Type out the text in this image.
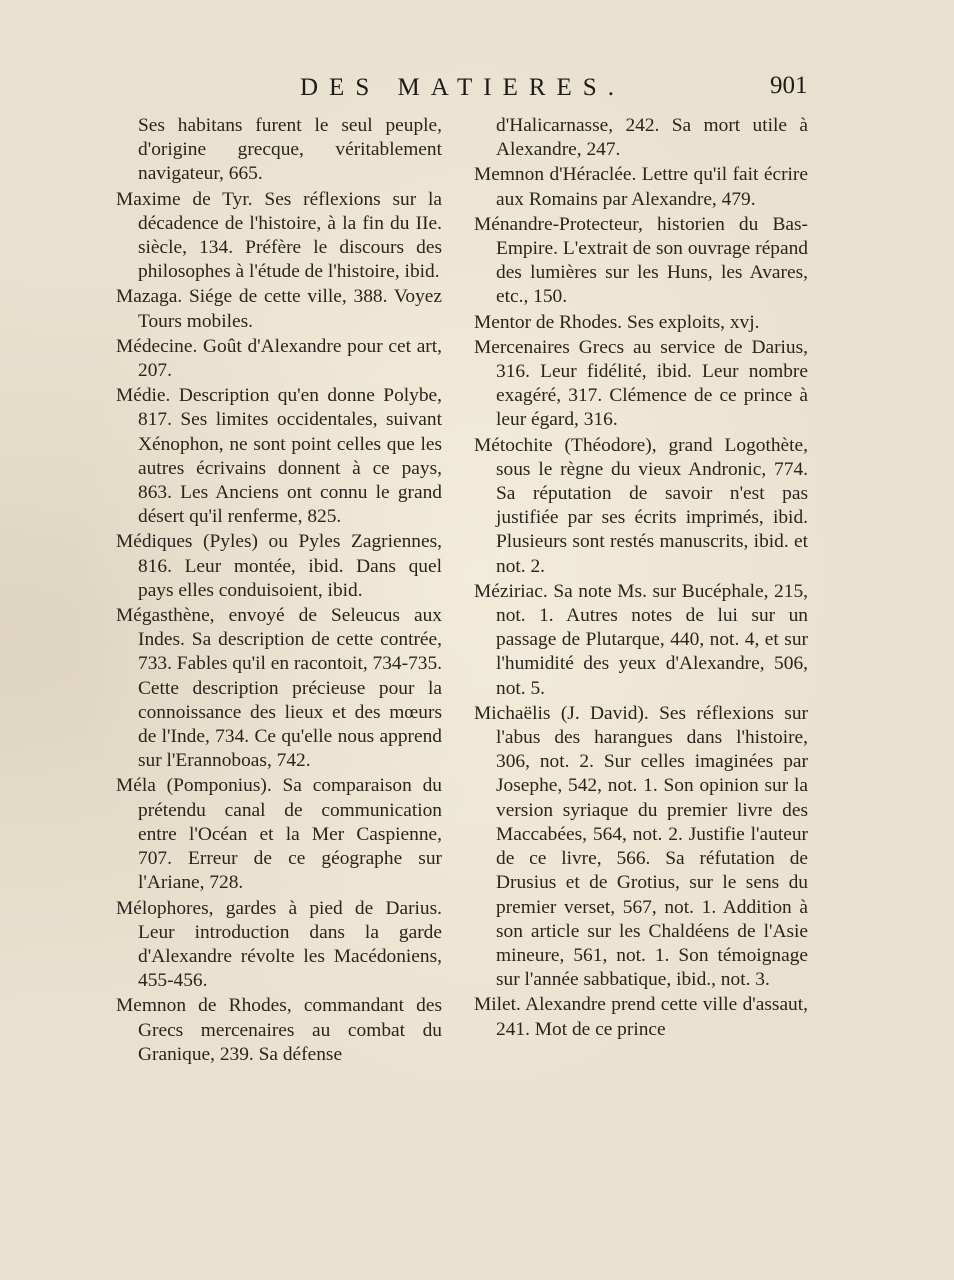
DES MATIERES.	901

Ses habitans furent le seul peuple, d'origine grecque, véritablement navigateur, 665.

Maxime de Tyr. Ses réflexions sur la décadence de l'histoire, à la fin du IIe. siècle, 134. Préfère le discours des philosophes à l'étude de l'histoire, ibid.

Mazaga. Siége de cette ville, 388. Voyez Tours mobiles.

Médecine. Goût d'Alexandre pour cet art, 207.

Médie. Description qu'en donne Polybe, 817. Ses limites occidentales, suivant Xénophon, ne sont point celles que les autres écrivains donnent à ce pays, 863. Les Anciens ont connu le grand désert qu'il renferme, 825.

Médiques (Pyles) ou Pyles Zagriennes, 816. Leur montée, ibid. Dans quel pays elles conduisoient, ibid.

Mégasthène, envoyé de Seleucus aux Indes. Sa description de cette contrée, 733. Fables qu'il en racontoit, 734-735. Cette description précieuse pour la connoissance des lieux et des mœurs de l'Inde, 734. Ce qu'elle nous apprend sur l'Erannoboas, 742.

Méla (Pomponius). Sa comparaison du prétendu canal de communication entre l'Océan et la Mer Caspienne, 707. Erreur de ce géographe sur l'Ariane, 728.

Mélophores, gardes à pied de Darius. Leur introduction dans la garde d'Alexandre révolte les Macédoniens, 455-456.

Memnon de Rhodes, commandant des Grecs mercenaires au combat du Granique, 239. Sa défense

d'Halicarnasse, 242. Sa mort utile à Alexandre, 247.

Memnon d'Héraclée. Lettre qu'il fait écrire aux Romains par Alexandre, 479.

Ménandre-Protecteur, historien du Bas-Empire. L'extrait de son ouvrage répand des lumières sur les Huns, les Avares, etc., 150.

Mentor de Rhodes. Ses exploits, xvj.

Mercenaires Grecs au service de Darius, 316. Leur fidélité, ibid. Leur nombre exagéré, 317. Clémence de ce prince à leur égard, 316.

Métochite (Théodore), grand Logothète, sous le règne du vieux Andronic, 774. Sa réputation de savoir n'est pas justifiée par ses écrits imprimés, ibid. Plusieurs sont restés manuscrits, ibid. et not. 2.

Méziriac. Sa note Ms. sur Bucéphale, 215, not. 1. Autres notes de lui sur un passage de Plutarque, 440, not. 4, et sur l'humidité des yeux d'Alexandre, 506, not. 5.

Michaëlis (J. David). Ses réflexions sur l'abus des harangues dans l'histoire, 306, not. 2. Sur celles imaginées par Josephe, 542, not. 1. Son opinion sur la version syriaque du premier livre des Maccabées, 564, not. 2. Justifie l'auteur de ce livre, 566. Sa réfutation de Drusius et de Grotius, sur le sens du premier verset, 567, not. 1. Addition à son article sur les Chaldéens de l'Asie mineure, 561, not. 1. Son témoignage sur l'année sabbatique, ibid., not. 3.

Milet. Alexandre prend cette ville d'assaut, 241. Mot de ce prince
